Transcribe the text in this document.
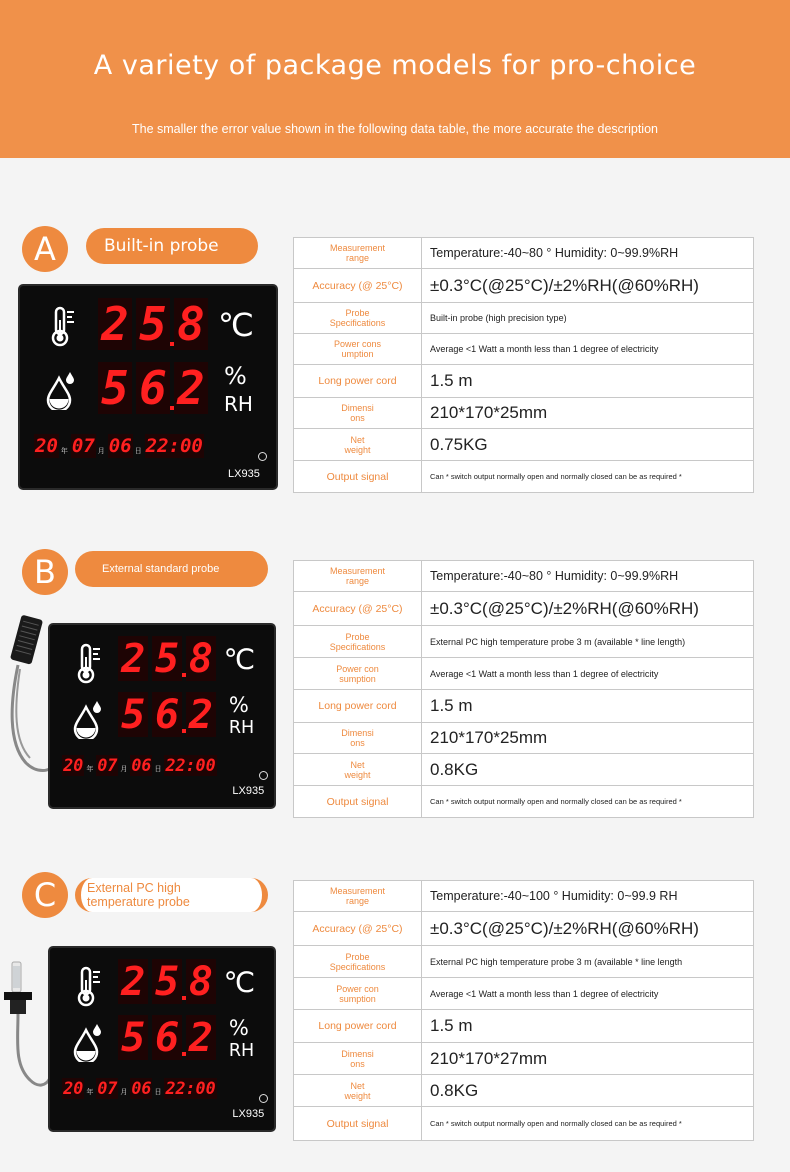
A variety of package models for pro-choice
The smaller the error value shown in the following data table, the more accurate the description
A	Built-in probe
2 5 8
5 6 2
℃
%
RH
20 年 07 月 06 日 22:00
LX935
Measurement
range	Temperature:-40~80 ° Humidity: 0~99.9%RH
Accuracy (@ 25°C)	±0.3°C(@25°C)/±2%RH(@60%RH)
Probe
Specifications	Built-in probe (high precision type)
Power cons
umption	Average <1 Watt a month less than 1 degree of electricity
Long power cord	1.5 m
Dimensi
ons	210*170*25mm
Net
weight	0.75KG
Output signal	Can * switch output normally open and normally closed can be as required *
B	External standard probe
2 5 8
5 6 2
℃
%
RH
20 年 07 月 06 日 22:00
LX935
Measurement
range	Temperature:-40~80 ° Humidity: 0~99.9%RH
Accuracy (@ 25°C)	±0.3°C(@25°C)/±2%RH(@60%RH)
Probe
Specifications	External PC high temperature probe 3 m (available * line length)
Power con
sumption	Average <1 Watt a month less than 1 degree of electricity
Long power cord	1.5 m
Dimensi
ons	210*170*25mm
Net
weight	0.8KG
Output signal	Can * switch output normally open and normally closed can be as required *
C	External PC high
temperature probe
2 5 8
5 6 2
℃
%
RH
20 年 07 月 06 日 22:00
LX935
Measurement
range	Temperature:-40~100 ° Humidity: 0~99.9 RH
Accuracy (@ 25°C)	±0.3°C(@25°C)/±2%RH(@60%RH)
Probe
Specifications	External PC high temperature probe 3 m (available * line length
Power con
sumption	Average <1 Watt a month less than 1 degree of electricity
Long power cord	1.5 m
Dimensi
ons	210*170*27mm
Net
weight	0.8KG
Output signal	Can * switch output normally open and normally closed can be as required *
